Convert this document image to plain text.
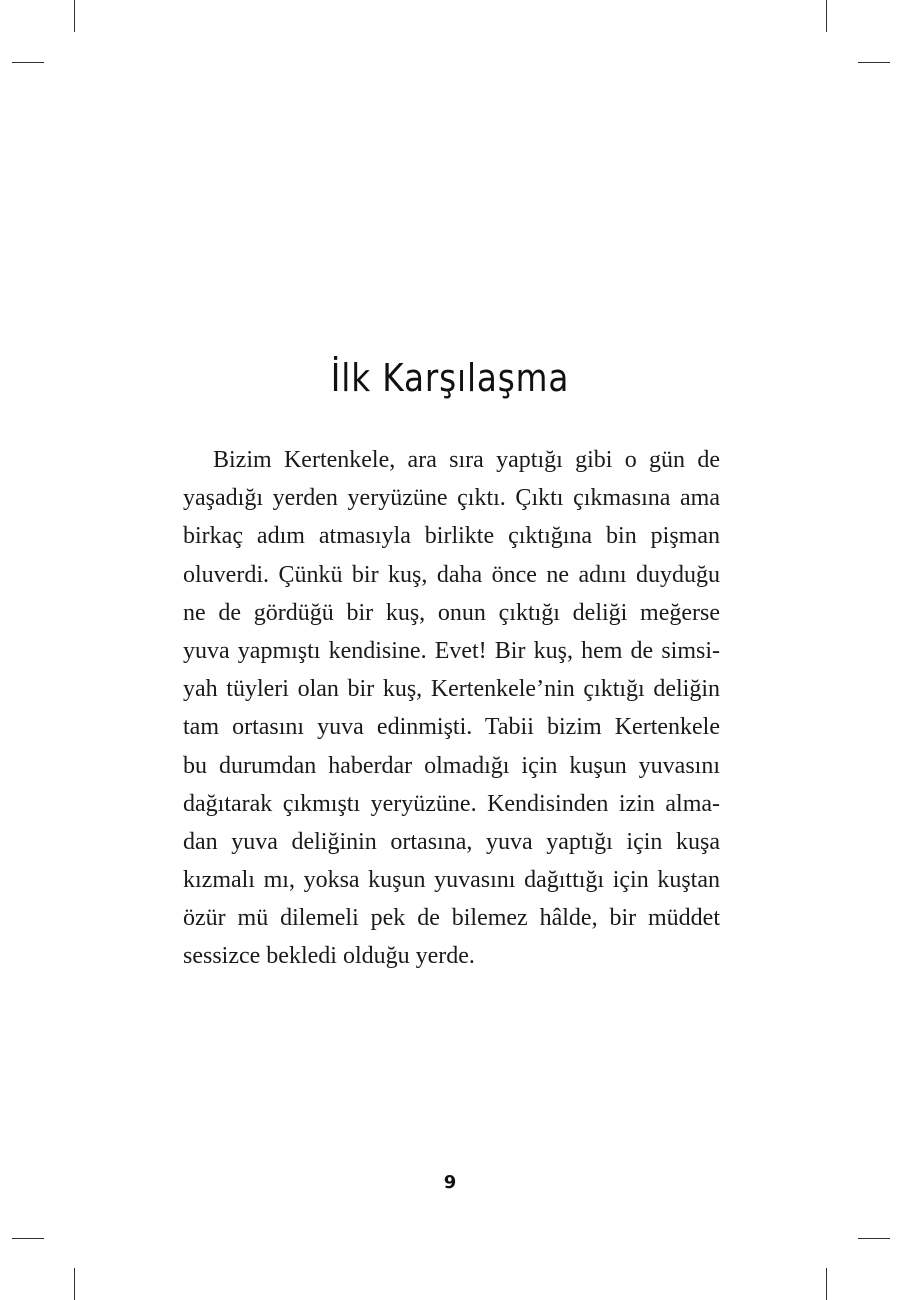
İlk Karşılaşma
Bizim Kertenkele, ara sıra yaptığı gibi o gün de
yaşadığı yerden yeryüzüne çıktı. Çıktı çıkmasına ama
birkaç adım atmasıyla birlikte çıktığına bin pişman
oluverdi. Çünkü bir kuş, daha önce ne adını duyduğu
ne de gördüğü bir kuş, onun çıktığı deliği meğerse
yuva yapmıştı kendisine. Evet! Bir kuş, hem de simsi-
yah tüyleri olan bir kuş, Kertenkele’nin çıktığı deliğin
tam ortasını yuva edinmişti. Tabii bizim Kertenkele
bu durumdan haberdar olmadığı için kuşun yuvasını
dağıtarak çıkmıştı yeryüzüne. Kendisinden izin alma-
dan yuva deliğinin ortasına, yuva yaptığı için kuşa
kızmalı mı, yoksa kuşun yuvasını dağıttığı için kuştan
özür mü dilemeli pek de bilemez hâlde, bir müddet
sessizce bekledi olduğu yerde.
9
